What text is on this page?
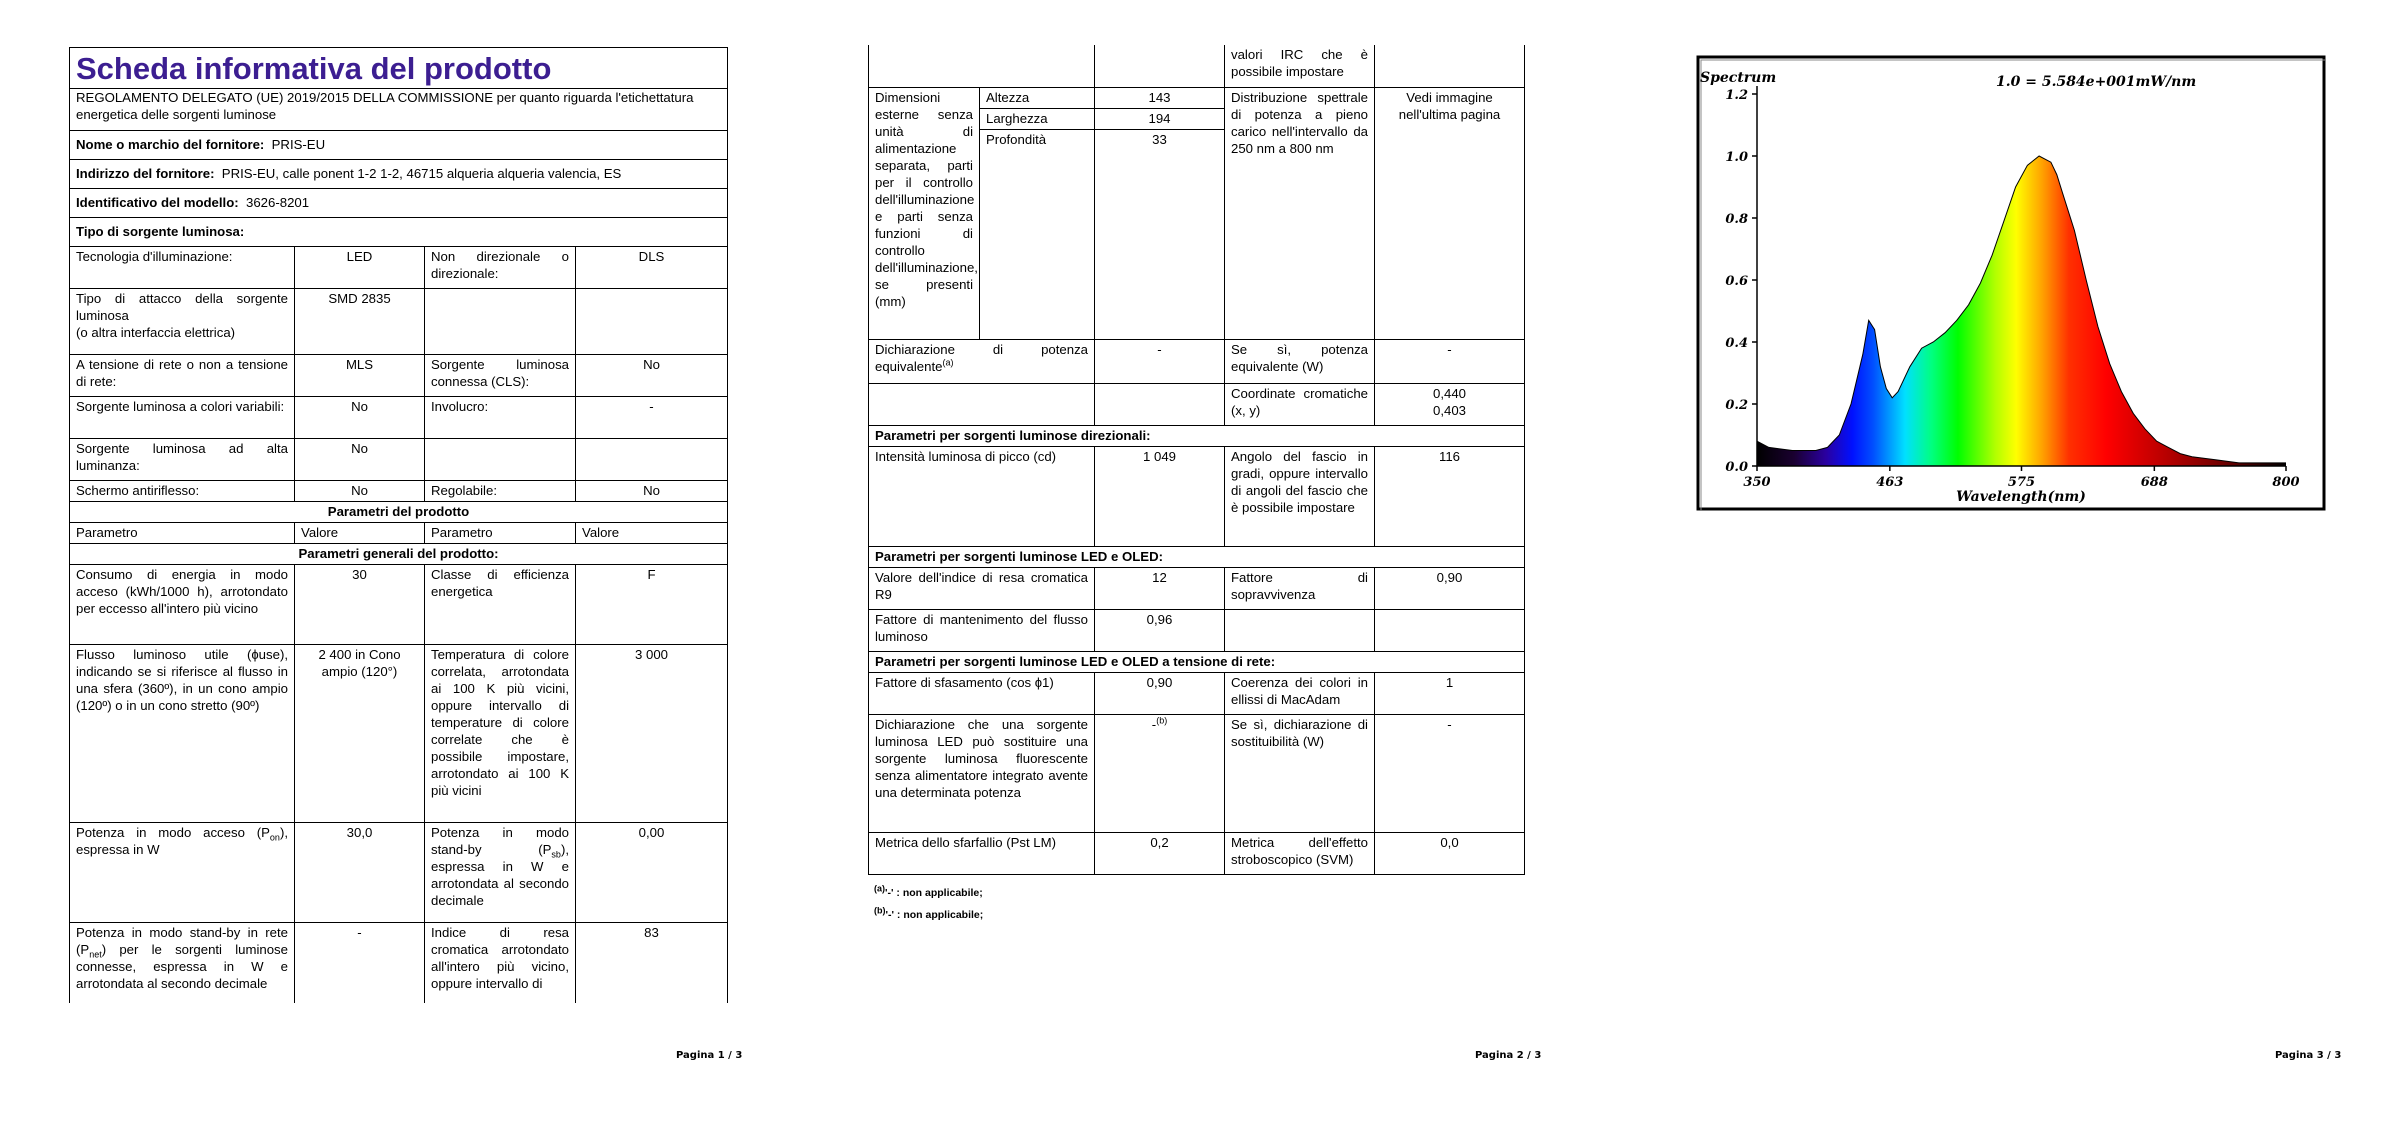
Scheda informativa del prodotto			
REGOLAMENTO DELEGATO (UE) 2019/2015 DELLA COMMISSIONE per quanto riguarda l'etichettatura energetica delle sorgenti luminose			
Nome o marchio del fornitore: PRIS-EU			
Indirizzo del fornitore: PRIS-EU, calle ponent 1-2 1-2, 46715 alqueria alqueria valencia, ES			
Identificativo del modello: 3626-8201			
Tipo di sorgente luminosa:			
Tecnologia d'illuminazione:	LED	Non direzionale o direzionale:	DLS

Tipo di attacco della sorgente luminosa
(o altra interfaccia elettrica)	SMD 2835		
A tensione di rete o non a tensione di rete:	MLS	Sorgente luminosa connessa (CLS):	No
Sorgente luminosa a colori variabili:	No	Involucro:	-
Sorgente luminosa ad alta luminanza:	No		
Schermo antiriflesso:	No	Regolabile:	No
Parametri del prodotto			
Parametro	Valore	Parametro	Valore
Parametri generali del prodotto:			
Consumo di energia in modo acceso (kWh/1000 h), arrotondato per eccesso all'intero più vicino	30	Classe di efficienza energetica	F
Flusso luminoso utile (ɸuse), indicando se si riferisce al flusso in una sfera (360º), in un cono ampio (120º) o in un cono stretto (90º)	2 400 in Cono ampio (120°)	Temperatura di colore correlata, arrotondata ai 100 K più vicini, oppure intervallo di temperature di colore correlate che è possibile impostare, arrotondato ai 100 K più vicini	3 000
Potenza in modo acceso $(P_{on})$, espressa in W	30,0	Potenza in modo stand-by $(P_{sb})$, espressa in W e arrotondata al secondo decimale	0,00
Potenza in modo stand-by in rete $(P_{net})$ per le sorgenti luminose connesse, espressa in W e arrotondata al secondo decimale	-	Indice di resa cromatica arrotondato all'intero più vicino, oppure intervallo di	83
Pagina 1 / 3
			valori IRC che è possibile impostare	
Dimensioni esterne senza unità di alimentazione separata, parti per il controllo dell'illuminazione e parti senza funzioni di controllo dell'illuminazione, se presenti (mm)	Altezza	143	Distribuzione spettrale di potenza a pieno carico nell'intervallo da 250 nm a 800 nm	Vedi immagine nell'ultima pagina
	Larghezza	194		
	Profondità	33		
Dichiarazione di potenza equivalente$^{(a)}$		-	Se sì, potenza equivalente (W)	-
			Coordinate cromatiche (x, y)	0,440
0,403

Parametri per sorgenti luminose direzionali:				
Intensità luminosa di picco (cd)		1 049	Angolo del fascio in gradi, oppure intervallo di angoli del fascio che è possibile impostare	116
Parametri per sorgenti luminose LED e OLED:				
Valore dell'indice di resa cromatica R9		12	Fattore di sopravvivenza	0,90
Fattore di mantenimento del flusso luminoso		0,96		
Parametri per sorgenti luminose LED e OLED a tensione di rete:				
Fattore di sfasamento (cos ɸ1)		0,90	Coerenza dei colori in ellissi di MacAdam	1
Dichiarazione che una sorgente luminosa LED può sostituire una sorgente luminosa fluorescente senza alimentatore integrato avente una determinata potenza		-$^{(b)}$	Se sì, dichiarazione di sostituibilità (W)	-
Metrica dello sfarfallio (Pst LM)		0,2	Metrica dell'effetto stroboscopico (SVM)	0,0
$^{(a)}$'-' : non applicabile;
$^{(b)}$'-' : non applicabile;
Pagina 2 / 3
0.0
0.2
0.4
0.6
0.8
1.0
1.2
350	463	575	688	800
Spectrum	1.0 = 5.584e+001mW/nm
Wavelength(nm)
Pagina 3 / 3
